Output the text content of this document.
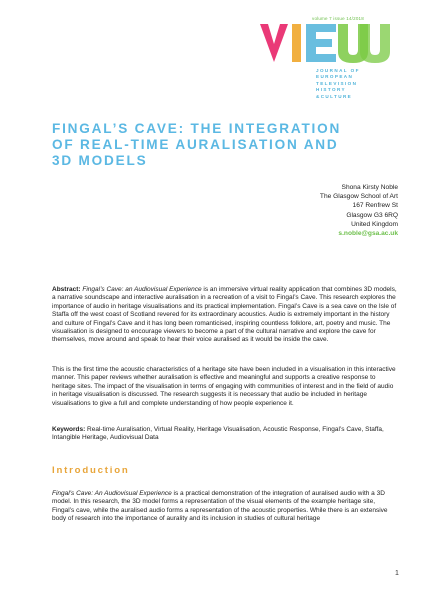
volume 7 issue 14/2018
JOURNAL OF
EUROPEAN
TELEVISION
HISTORY
&CULTURE
FINGAL’S CAVE: THE INTEGRATION
OF REAL-TIME AURALISATION AND
3D MODELS
Shona Kirsty Noble
The Glasgow School of Art
167 Renfrew St
Glasgow G3 6RQ
United Kingdom
s.noble@gsa.ac.uk

Abstract: Fingal’s Cave: an Audiovisual Experience is an immersive virtual reality application that combines 3D models, a narrative soundscape and interactive auralisation in a recreation of a visit to Fingal’s Cave. This research explores the importance of audio in heritage visualisations and its practical implementation. Fingal’s Cave is a sea cave on the Isle of Staffa off the west coast of Scotland revered for its extraordinary acoustics. Audio is extremely important in the history and culture of Fingal’s Cave and it has long been romanticised, inspiring countless folklore, art, poetry and music. The visualisation is designed to encourage viewers to become a part of the cultural narrative and explore the cave for themselves, move around and speak to hear their voice auralised as it would be inside the cave.

This is the first time the acoustic characteristics of a heritage site have been included in a visualisation in this interactive manner. This paper reviews whether auralisation is effective and meaningful and supports a creative response to heritage sites. The impact of the visualisation in terms of engaging with communities of interest and in the field of audio in heritage visualisation is discussed. The research suggests it is necessary that audio be included in heritage visualisations to give a full and complete understanding of how people experience it.

Keywords: Real-time Auralisation, Virtual Reality, Heritage Visualisation, Acoustic Response, Fingal’s Cave, Staffa, Intangible Heritage, Audiovisual Data

Introduction

Fingal’s Cave: An Audiovisual Experience is a practical demonstration of the integration of auralised audio with a 3D model. In this research, the 3D model forms a representation of the visual elements of the example heritage site, Fingal’s cave, while the auralised audio forms a representation of the acoustic properties. While there is an extensive body of research into the importance of aurality and its inclusion in studies of cultural heritage

1
